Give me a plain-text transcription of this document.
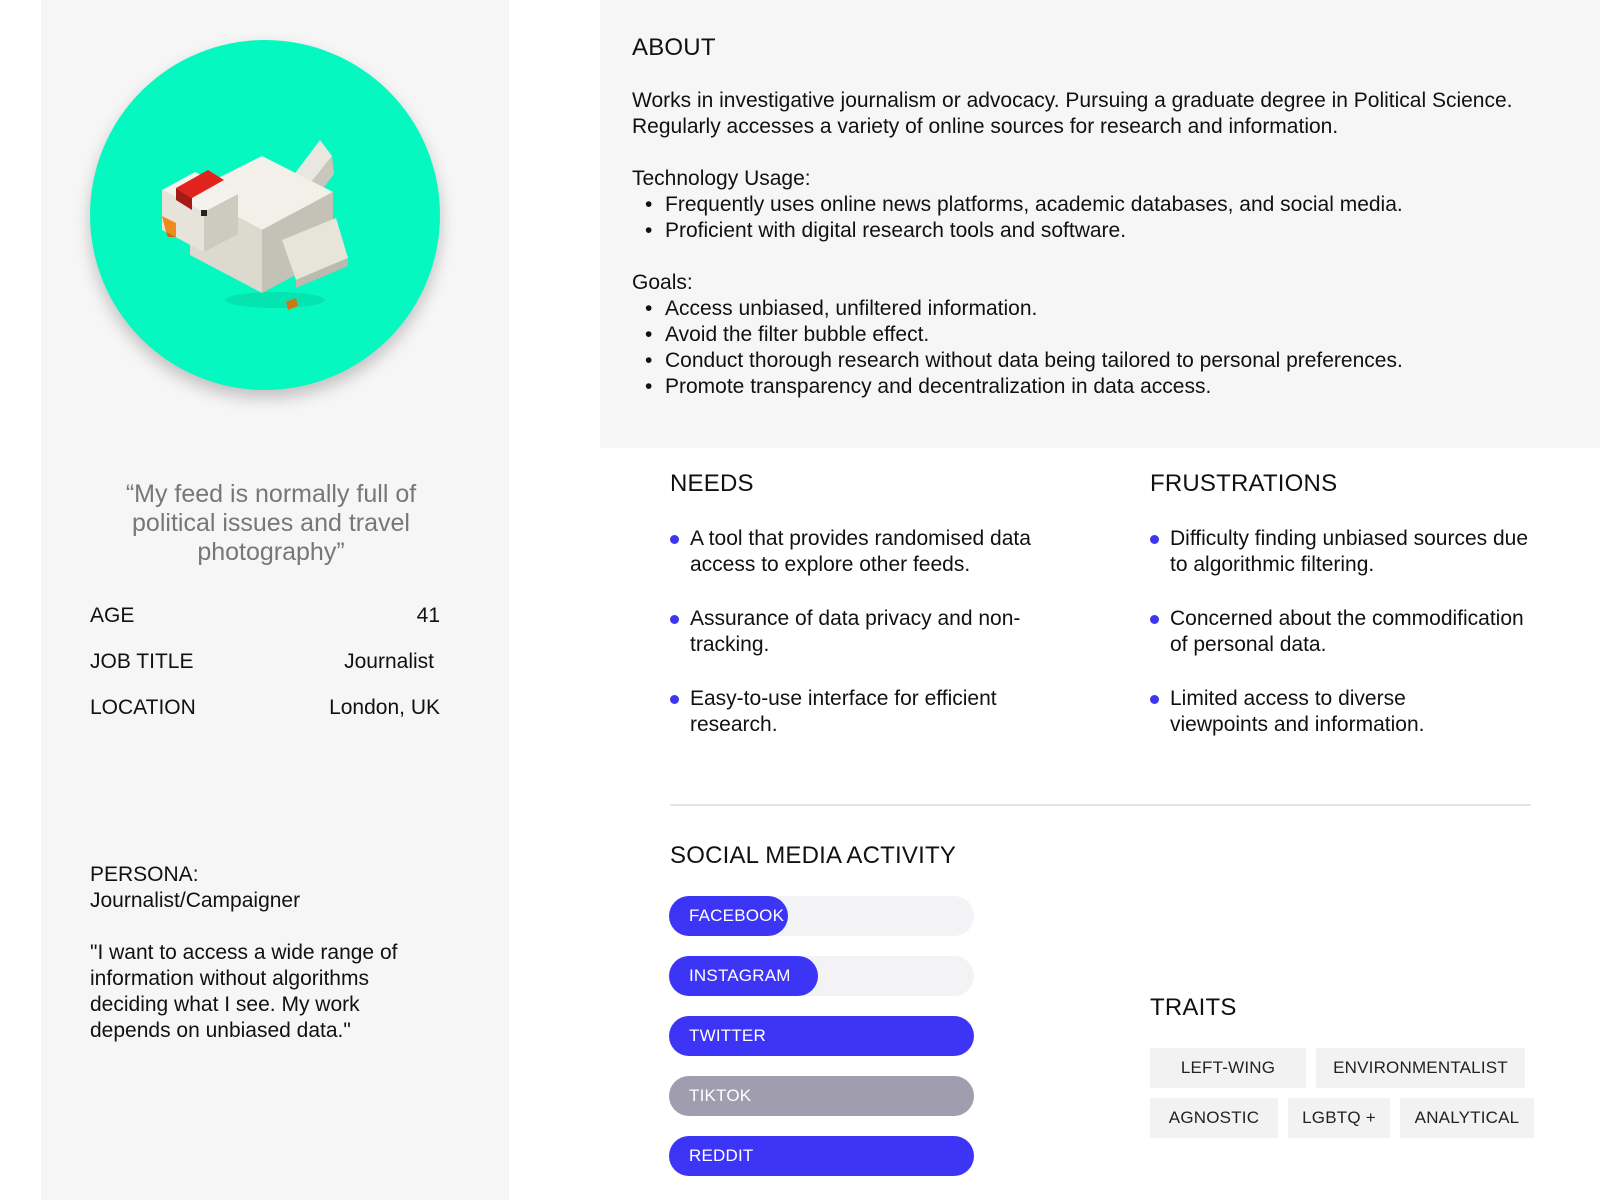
“My feed is normally full of political issues and travel photography”
AGE	41
JOB TITLE	Journalist
LOCATION	London, UK
PERSONA:
Journalist/Campaigner
"I want to access a wide range of information without algorithms deciding what I see. My work depends on unbiased data."
ABOUT

Works in investigative journalism or advocacy. Pursuing a graduate degree in Political Science. Regularly accesses a variety of online sources for research and information.

Technology Usage:

• Frequently uses online news platforms, academic databases, and social media.
• Proficient with digital research tools and software.

Goals:

• Access unbiased, unfiltered information.
• Avoid the filter bubble effect.
• Conduct thorough research without data being tailored to personal preferences.
• Promote transparency and decentralization in data access.
NEEDS
A tool that provides randomised data access to explore other feeds.
Assurance of data privacy and non-tracking.
Easy-to-use interface for efficient research.
FRUSTRATIONS
Difficulty finding unbiased sources due to algorithmic filtering.
Concerned about the commodification of personal data.
Limited access to diverse viewpoints and information.
SOCIAL MEDIA ACTIVITY
FACEBOOK
INSTAGRAM
TWITTER
TIKTOK
REDDIT
TRAITS
LEFT-WING	ENVIRONMENTALIST
AGNOSTIC	LGBTQ +	ANALYTICAL
